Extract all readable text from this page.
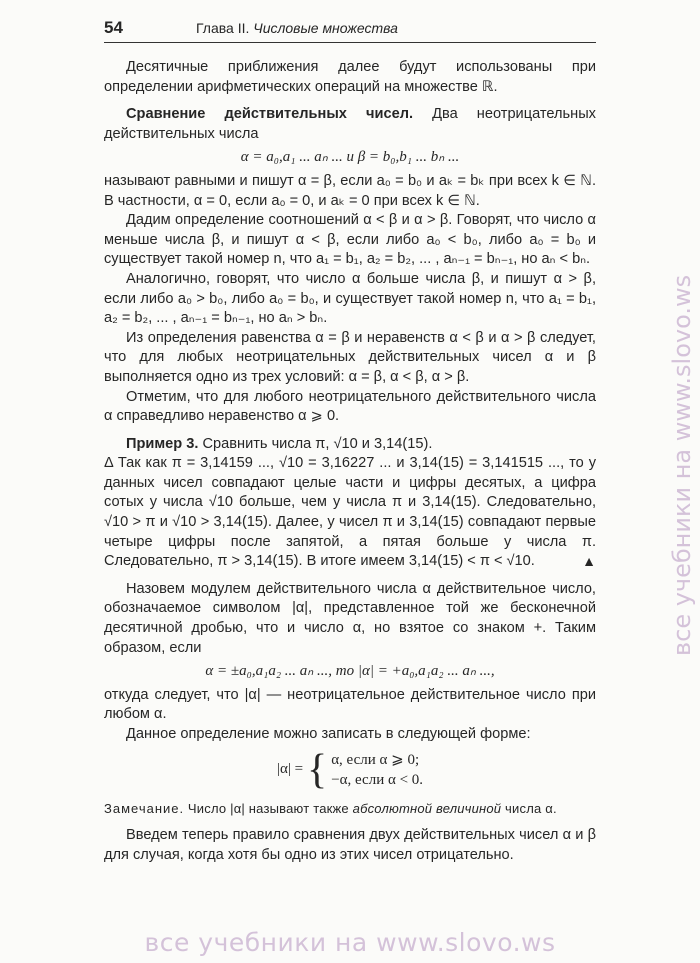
54	Глава II. Числовые множества

Десятичные приближения далее будут использованы при определении арифметических операций на множестве ℝ.

Сравнение действительных чисел. Два неотрицательных действительных числа

α = a₀,a₁ ... aₙ ... и β = b₀,b₁ ... bₙ ...

называют равными и пишут α = β, если a₀ = b₀ и aₖ = bₖ при всех k ∈ ℕ. В частности, α = 0, если a₀ = 0, и aₖ = 0 при всех k ∈ ℕ.

Дадим определение соотношений α < β и α > β. Говорят, что число α меньше числа β, и пишут α < β, если либо a₀ < b₀, либо a₀ = b₀ и существует такой номер n, что a₁ = b₁, a₂ = b₂, ... , aₙ₋₁ = bₙ₋₁, но aₙ < bₙ.

Аналогично, говорят, что число α больше числа β, и пишут α > β, если либо a₀ > b₀, либо a₀ = b₀, и существует такой номер n, что a₁ = b₁, a₂ = b₂, ... , aₙ₋₁ = bₙ₋₁, но aₙ > bₙ.

Из определения равенства α = β и неравенств α < β и α > β следует, что для любых неотрицательных действительных чисел α и β выполняется одно из трех условий: α = β, α < β, α > β.

Отметим, что для любого неотрицательного действительного числа α справедливо неравенство α ⩾ 0.

Пример 3. Сравнить числа π, √10 и 3,14(15).

Δ Так как π = 3,14159 ..., √10 = 3,16227 ... и 3,14(15) = 3,141515 ..., то у данных чисел совпадают целые части и цифры десятых, а цифра сотых у числа √10 больше, чем у числа π и 3,14(15). Следовательно, √10 > π и √10 > 3,14(15). Далее, у чисел π и 3,14(15) совпадают первые четыре цифры после запятой, а пятая больше у числа π. Следовательно, π > 3,14(15). В итоге имеем 3,14(15) < π < √10.	▲

Назовем модулем действительного числа α действительное число, обозначаемое символом |α|, представленное той же бесконечной десятичной дробью, что и число α, но взятое со знаком +. Таким образом, если

α = ±a₀,a₁a₂ ... aₙ ..., то |α| = +a₀,a₁a₂ ... aₙ ...,

откуда следует, что |α| — неотрицательное действительное число при любом α.

Данное определение можно записать в следующей форме:

|α| = { α, если α ⩾ 0;
−α, если α < 0.

Замечание. Число |α| называют также абсолютной величиной числа α.

Введем теперь правило сравнения двух действительных чисел α и β для случая, когда хотя бы одно из этих чисел отрицательно.

все учебники на www.slovo.ws
все учебники на www.slovo.ws
